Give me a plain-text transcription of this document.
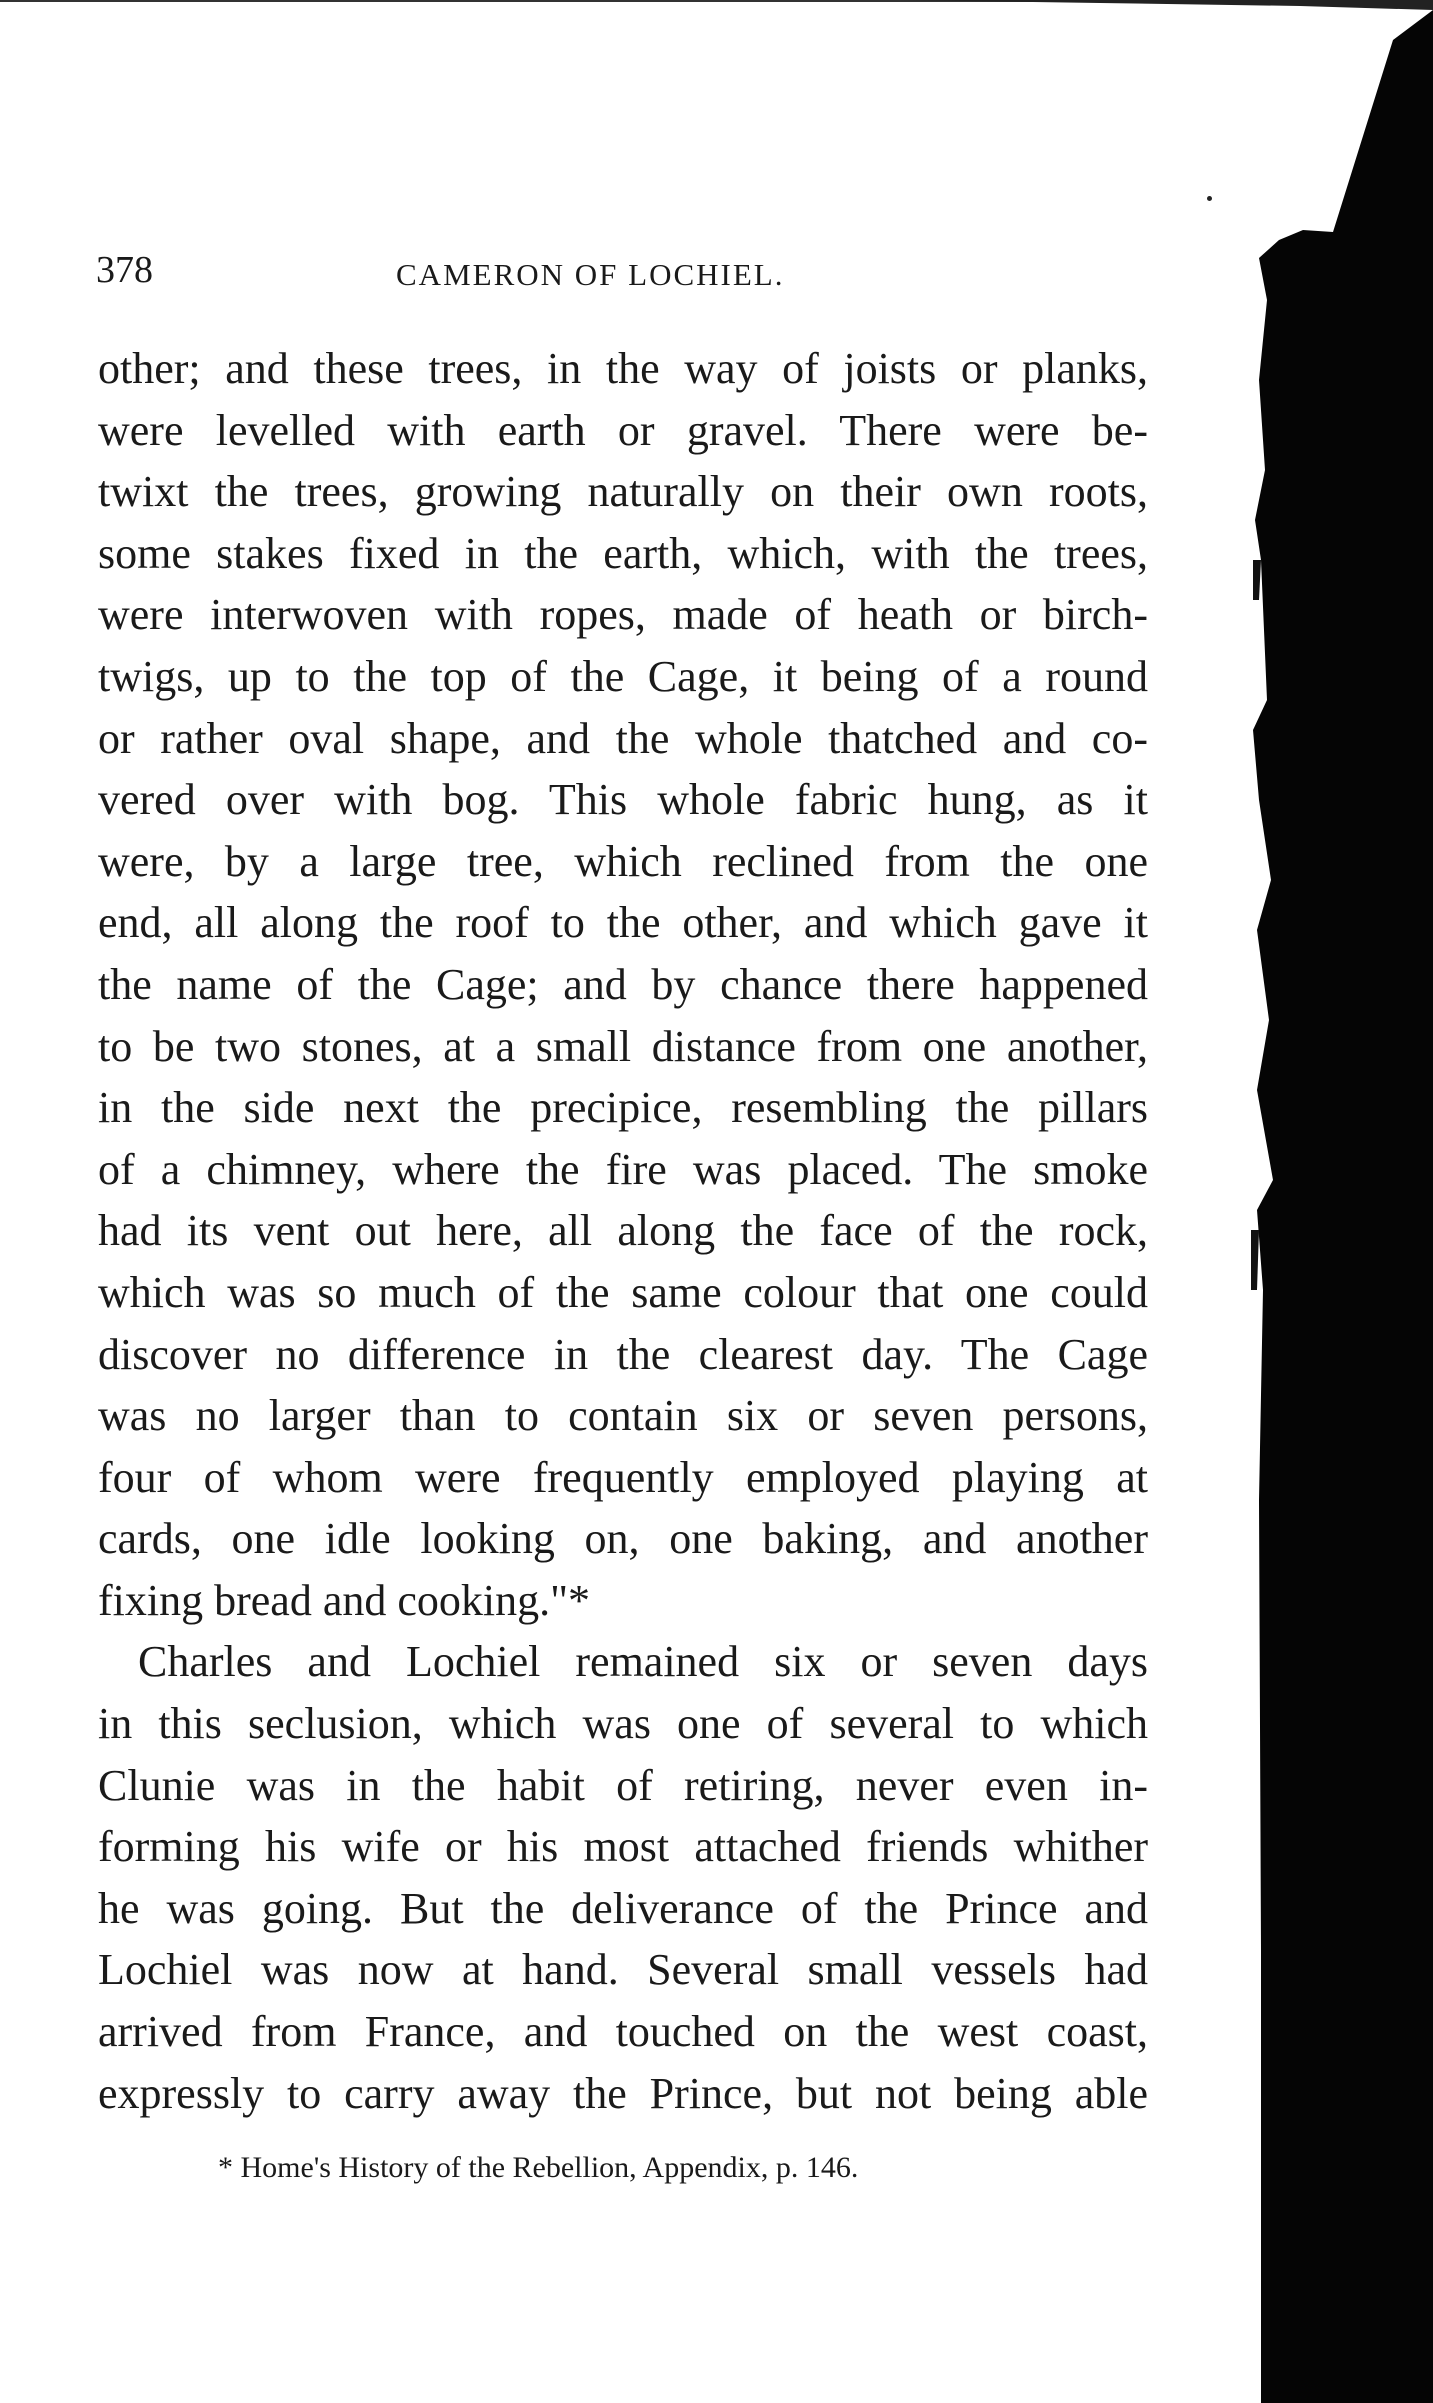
378	CAMERON OF LOCHIEL.
other; and these trees, in the way of joists or planks,
were levelled with earth or gravel. There were be-
twixt the trees, growing naturally on their own roots,
some stakes fixed in the earth, which, with the trees,
were interwoven with ropes, made of heath or birch-
twigs, up to the top of the Cage, it being of a round
or rather oval shape, and the whole thatched and co-
vered over with bog. This whole fabric hung, as it
were, by a large tree, which reclined from the one
end, all along the roof to the other, and which gave it
the name of the Cage; and by chance there happened
to be two stones, at a small distance from one another,
in the side next the precipice, resembling the pillars
of a chimney, where the fire was placed. The smoke
had its vent out here, all along the face of the rock,
which was so much of the same colour that one could
discover no difference in the clearest day. The Cage
was no larger than to contain six or seven persons,
four of whom were frequently employed playing at
cards, one idle looking on, one baking, and another
fixing bread and cooking."*
Charles and Lochiel remained six or seven days
in this seclusion, which was one of several to which
Clunie was in the habit of retiring, never even in-
forming his wife or his most attached friends whither
he was going. But the deliverance of the Prince and
Lochiel was now at hand. Several small vessels had
arrived from France, and touched on the west coast,
expressly to carry away the Prince, but not being able
* Home's History of the Rebellion, Appendix, p. 146.
